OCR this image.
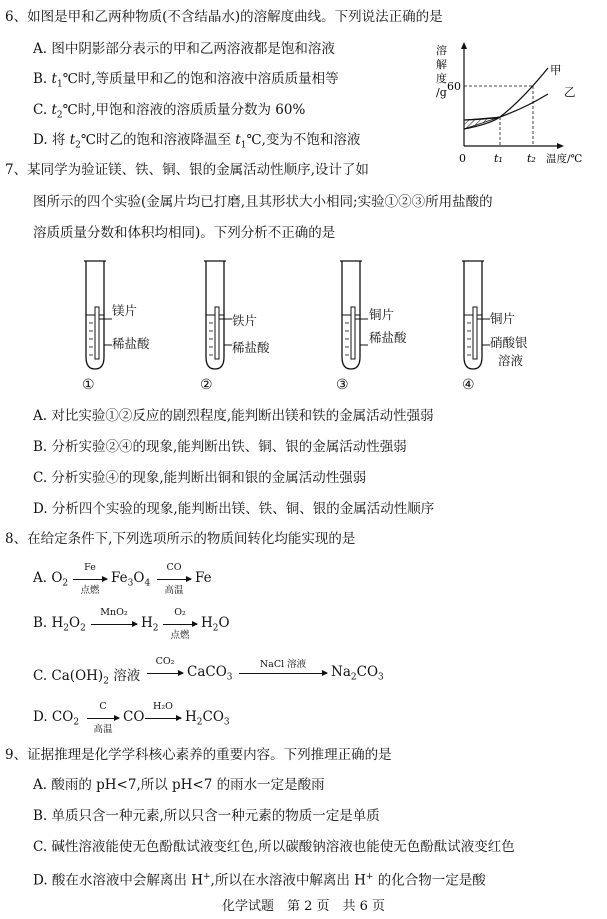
6、如图是甲和乙两种物质(不含结晶水)的溶解度曲线。下列说法正确的是
A. 图中阴影部分表示的甲和乙两溶液都是饱和溶液
B. $t_1℃$时,等质量甲和乙的饱和溶液中溶质质量相等
C. $t_2℃$时,甲饱和溶液的溶质质量分数为 60%
D. 将 $t_2℃$时乙的饱和溶液降温至 $t_1℃$,变为不饱和溶液
溶
解
度
/g 60
0	t₁ t₂ 温度/℃
甲
乙
7、某同学为验证镁、铁、铜、银的金属活动性顺序,设计了如
图所示的四个实验(金属片均已打磨,且其形状大小相同;实验①②③所用盐酸的
溶质质量分数和体积均相同)。下列分析不正确的是
镁片
稀盐酸
①
铁片
稀盐酸
②
铜片
稀盐酸
③
铜片
硝酸银
溶液
④
A. 对比实验①②反应的剧烈程度,能判断出镁和铁的金属活动性强弱
B. 分析实验②④的现象,能判断出铁、铜、银的金属活动性强弱
C. 分析实验④的现象,能判断出铜和银的金属活动性强弱
D. 分析四个实验的现象,能判断出镁、铁、铜、银的金属活动性顺序
8、在给定条件下,下列选项所示的物质间转化均能实现的是
A. $O_2$
Fe
点燃
$Fe_3O_4$
CO
高温
Fe
B. $H_2O_2$
MnO₂
$H_2$
O₂
点燃
$H_2O$
C. $Ca(OH)_2$ 溶液
CO₂
CaCO$_3$
NaCl 溶液	$Na_2CO_3$
D. $CO_2$
C
高温
CO
H₂O
$H_2CO_3$
9、证据推理是化学学科核心素养的重要内容。下列推理正确的是
A. 酸雨的 pH<7,所以 pH<7 的雨水一定是酸雨
B. 单质只含一种元素,所以只含一种元素的物质一定是单质
C. 碱性溶液能使无色酚酞试液变红色,所以碳酸钠溶液也能使无色酚酞试液变红色
D. 酸在水溶液中会解离出 H+,所以在水溶液中解离出 H+ 的化合物一定是酸
化学试题　第 2 页　共 6 页
